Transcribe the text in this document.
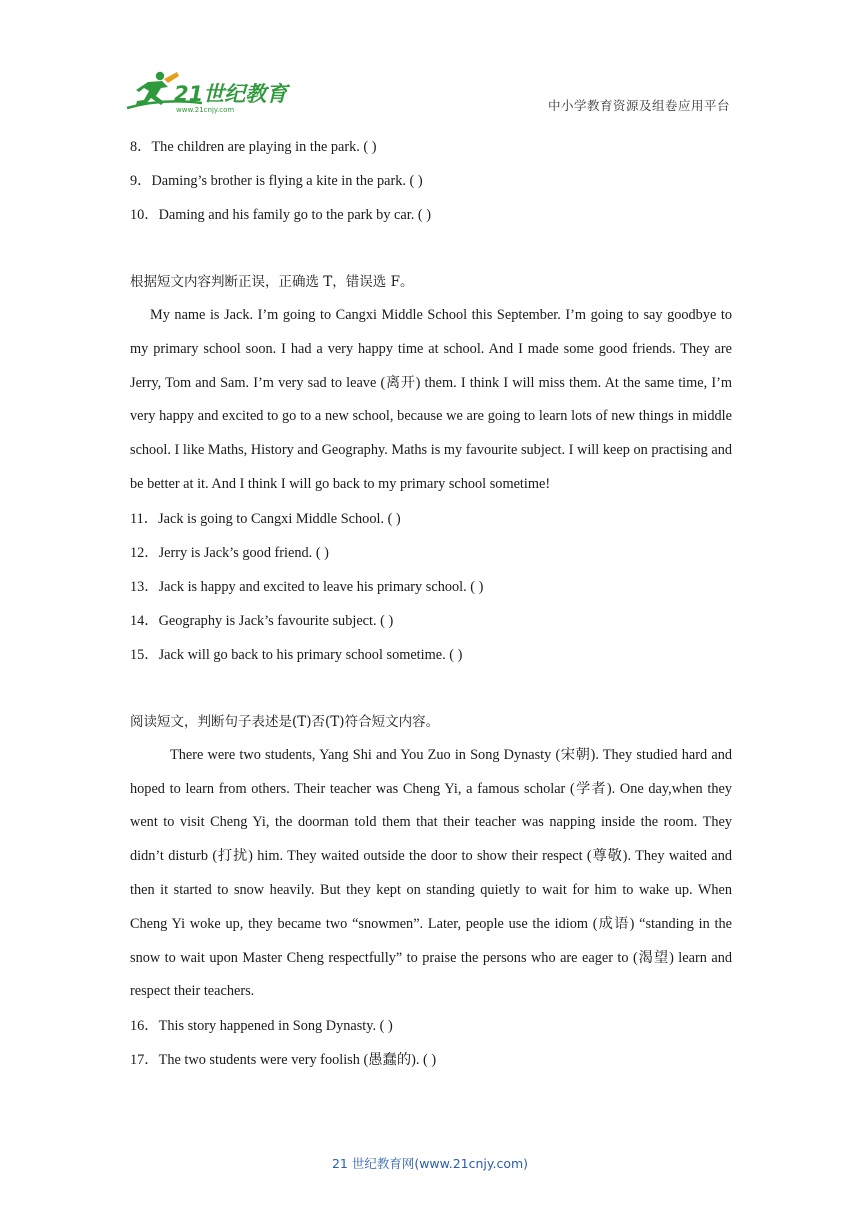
21世纪教育
www.21cnjy.com	中小学教育资源及组卷应用平台
8．The children are playing in the park. ( )
9．Daming’s brother is flying a kite in the park. ( )
10．Daming and his family go to the park by car. ( )
根据短文内容判断正误，正确选 T，错误选 F。

My name is Jack. I’m going to Cangxi Middle School this September. I’m going to say goodbye to my primary school soon. I had a very happy time at school. And I made some good friends. They are Jerry, Tom and Sam. I’m very sad to leave (离开) them. I think I will miss them. At the same time, I’m very happy and excited to go to a new school, because we are going to learn lots of new things in middle school. I like Maths, History and Geography. Maths is my favourite subject. I will keep on practising and be better at it. And I think I will go back to my primary school sometime!

11．Jack is going to Cangxi Middle School. ( )
12．Jerry is Jack’s good friend. ( )
13．Jack is happy and excited to leave his primary school. ( )
14．Geography is Jack’s favourite subject. ( )
15．Jack will go back to his primary school sometime. ( )
阅读短文，判断句子表述是(T)否(T)符合短文内容。

There were two students, Yang Shi and You Zuo in Song Dynasty (宋朝). They studied hard and hoped to learn from others. Their teacher was Cheng Yi, a famous scholar (学者). One day,when they went to visit Cheng Yi, the doorman told them that their teacher was napping inside the room. They didn’t disturb (打扰) him. They waited outside the door to show their respect (尊敬). They waited and then it started to snow heavily. But they kept on standing quietly to wait for him to wake up. When Cheng Yi woke up, they became two “snowmen”. Later, people use the idiom (成语) “standing in the snow to wait upon Master Cheng respectfully” to praise the persons who are eager to (渴望) learn and respect their teachers.

16．This story happened in Song Dynasty. ( )
17．The two students were very foolish (愚蠢的). ( )
21 世纪教育网(www.21cnjy.com)
